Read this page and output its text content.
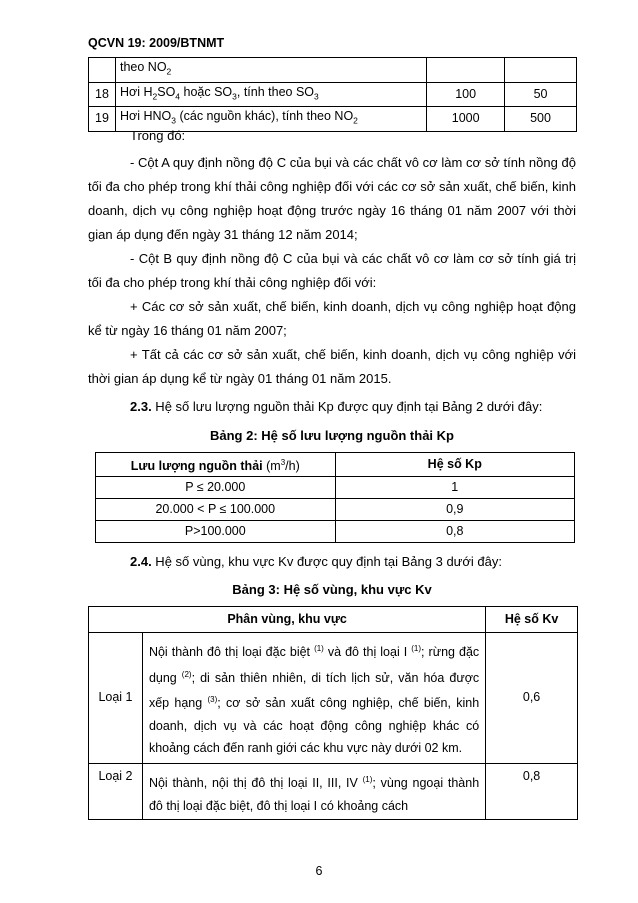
QCVN 19: 2009/BTNMT
	theo $NO_2$		
18	Hơi $H_2SO_4$ hoặc $SO_3$, tính theo $SO_3$	100	50
19	Hơi $HNO_3$ (các nguồn khác), tính theo $NO_2$	1000	500
Trong đó:
- Cột A quy định nồng độ C của bụi và các chất vô cơ làm cơ sở tính nồng độ tối đa cho phép trong khí thải công nghiệp đối với các cơ sở sản xuất, chế biến, kinh doanh, dịch vụ công nghiệp hoạt động trước ngày 16 tháng 01 năm 2007 với thời gian áp dụng đến ngày 31 tháng 12 năm 2014;
- Cột B quy định nồng độ C của bụi và các chất vô cơ làm cơ sở tính giá trị tối đa cho phép trong khí thải công nghiệp đối với:
+ Các cơ sở sản xuất, chế biến, kinh doanh, dịch vụ công nghiệp hoạt động kể từ ngày 16 tháng 01 năm 2007;
+ Tất cả các cơ sở sản xuất, chế biến, kinh doanh, dịch vụ công nghiệp với thời gian áp dụng kể từ ngày 01 tháng 01 năm 2015.
2.3. Hệ số lưu lượng nguồn thải Kp được quy định tại Bảng 2 dưới đây:
Bảng 2: Hệ số lưu lượng nguồn thải Kp
Lưu lượng nguồn thải $(m^3/h)$	Hệ số Kp
P ≤ 20.000	1
20.000 < P ≤ 100.000	0,9
P>100.000	0,8
2.4. Hệ số vùng, khu vực Kv được quy định tại Bảng 3 dưới đây:
Bảng 3: Hệ số vùng, khu vực Kv
Phân vùng, khu vực		Hệ số Kv
Loại 1	Nội thành đô thị loại đặc biệt $^{(1)}$ và đô thị loại I $^{(1)}$; rừng đặc dụng $^{(2)}$; di sản thiên nhiên, di tích lịch sử, văn hóa được xếp hạng $^{(3)}$; cơ sở sản xuất công nghiệp, chế biến, kinh doanh, dịch vụ và các hoạt động công nghiệp khác có khoảng cách đến ranh giới các khu vực này dưới 02 km.	0,6
Loại 2	Nội thành, nội thị đô thị loại II, III, IV $^{(1)}$; vùng ngoại thành đô thị loại đặc biệt, đô thị loại I có khoảng cách	0,8
6
